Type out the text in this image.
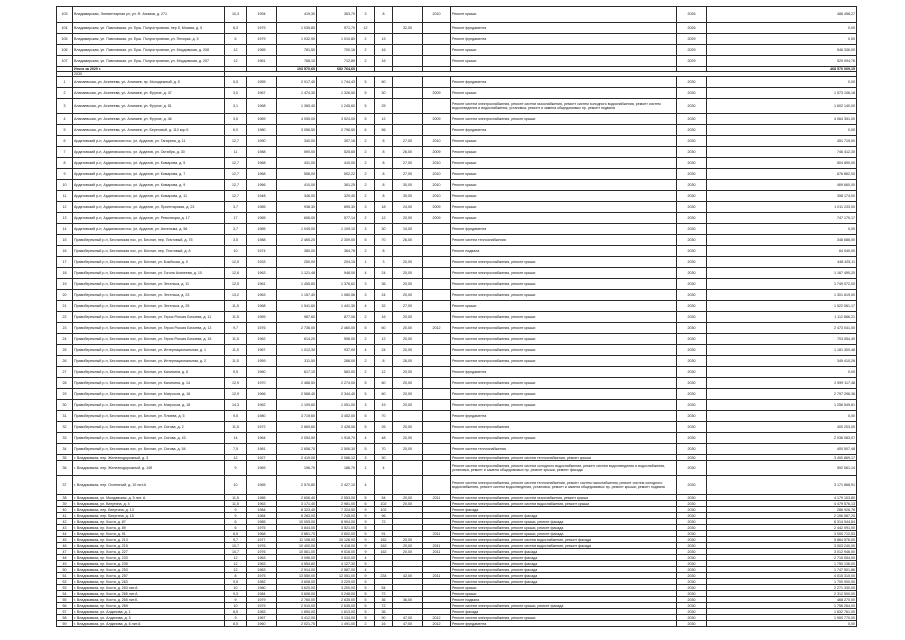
103	Владимирская, Элементарная ул, ул. Ф. Ахимов, д. 271	10,3	1994	419,30	363,70	3	8		2010	Ремонт крыши	2026	486 458,27
104	Владимирская, ул. Павловская, ул. Ерш. Полуостровная, пер 5, Москва, д. 5	6,3	1979	1 039,80	971,70	12		32,00		Ремонт фундамента	2026	0,00
105	Владимирская, ул. Павловская, ул. Ерш. Полуостровная, ул. Пехорка, д. 5	6	1979	1 032,90	1 010,80	2	13			Ремонт фундамента	2029	0,00
106	Владимирская, ул. Павловская, ул. Ерш. Полуостровная, ул. Мордовская, д. 208	12	1965	781,50	700,16	2	16			Ремонт крыши	2029	546 336,00
107	Владимирская, ул. Павловская, ул. Ерш. Полуостровная, ул. Мордовская, д. 207	12	1961	768,10	712,89	2	16			Ремонт крыши	2029	529 094,76
	Итого за 2020 г.			103 570,60	652 764,60							468 570 009,19
	2030											
1	Алапаевская, ул. Ахинеева, ул. Алапаев, пр. Молодежный, д. 5	5,5	1955	2 017,40	1 744,43	5	60			Ремонт фундамента	2030	0,00
2	Алапаевская, ул. Ахинеева, ул. Алапаев, ул. Фрунзе, д. 47	3,0	1967	1 474,30	1 326,50	5	30		2009	Ремонт крыши	2030	1 573 106,18
3	Алапаевская, ул. Ахинеева, ул. Алапаев, ул. Фрунзе, д. 51	3,1	1968	1 365,40	1 245,60	5	25			Ремонт систем электроснабжения, ремонт систем газоснабжения, ремонт систем холодного водоснабжения, ремонт систем водоотведения и водоснабжения, установка, ремонт и замена общедомовых пр. ремонт подвала	2030	1 602 140,00
4	Алапаевская, ул. Ахинеева, ул. Алапаев, ул. Фрунзе, д. 46	3,5	1969	4 055,00	3 524,00	5	12		2009	Ремонт систем электроснабжения, ремонт крыши	2030	4 064 351,00
5	Алапаевская, ул. Ахинеева, ул. Алапаев, ул. Береговой, д. 110 кор 6	6,0	1980	3 056,50	2 796,50	6	56			Ремонт фундамента	2030	0,00
6	Ардатовский р-н, Ардатовская пос, ул. Ардатов, ул. Гагарина, д. 11	12,7	1990	340,00	307,16	2	8	27,00	2010	Ремонт крыши	2030	451 719,00
7	Ардатовский р-н, Ардатовская пос, ул. Ардатов, ул. Октября, д. 30	11	1988	590,00	525,65	2	8	26,00	2009	Ремонт крыши	2030	746 412,30
8	Ардатовский р-н, Ардатовская пос, ул. Ардатов, ул. Комарова, д. 5	12,7	1968	431,00	410,00	2	8	27,00	2010	Ремонт крыши	2030	504 890,00
9	Ардатовский р-н, Ардатовская пос, ул. Ардатов, ул. Комарова, д. 7	12,7	1968	556,00	502,22	2	8	27,00	2010	Ремонт крыши	2030	676 862,00
10	Ардатовский р-н, Ардатовская пос, ул. Ардатов, ул. Комарова, д. 9	12,7	1966	410,00	361,25	2	8	30,00	2010	Ремонт крыши	2030	469 660,00
11	Ардатовский р-н, Ардатовская пос, ул. Ардатов, ул. Комарова, д. 11	12,7	1948	346,00	329,40	2	8	30,00	2010	Ремонт крыши	2030	398 174,00
12	Ардатовский р-н, Ардатовская пос, ул. Ардатов, ул. Пролетарская, д. 23	3,7	1985	938,30	895,30	3	18	24,00	2009	Ремонт крыши	2030	1 011 233,00
13	Ардатовский р-н, Ардатовская пос, ул. Ардатов, ул. Революции, д. 17	17	1965	606,00	577,14	2	12	20,00	2009	Ремонт крыши	2030	747 170,17
14	Ардатовский р-н, Ардатовская пос, ул. Ардатов, ул. Ансельма, д. 56	3,7	1985	1 049,00	1 109,10	3	30	10,00		Ремонт фундамента	2030	0,00
15	Правобережный р-н, Бесланская пос, ул. Беслан, пер. Почтовый, д. 75	3,5	1988	2 465,20	2 309,00	5	70	26,00		Ремонт систем теплоснабжения	2030	346 686,00
16	Правобережный р-н, Бесланская пос, ул. Беслан, пер. Почтовый, д. 8	10	1974	380,00	364,78	2	8			Ремонт подвала	2030	64 040,00
17	Правобережный р-н, Бесланская пос, ул. Беслан, ул. Бзыбская, д. 9	12,5	1933	250,00	204,15	1	3	20,00		Ремонт систем электроснабжения, ремонт крыши	2030	448 425,11
18	Правобережный р-н, Бесланская пос, ул. Беслан, ул. Гоголя Ахинеева, д. 10	12,6	1963	1 121,48	948,00	4	24	20,00		Ремонт систем электроснабжения, ремонт крыши	2030	1 167 490,20
19	Правобережный р-н, Бесланская пос, ул. Беслан, ул. Энгельса, д. 11	12,5	1961	1 455,80	1 376,62	3	36	20,00		Ремонт систем электроснабжения, ремонт крыши	2030	1 749 072,00
20	Правобережный р-н, Бесланская пос, ул. Беслан, ул. Энгельса, д. 23	13,2	1963	1 157,40	1 080,56	3	24	20,00		Ремонт систем электроснабжения, ремонт крыши	2030	1 301 619,00
21	Правобережный р-н, Бесланская пос, ул. Беслан, ул. Энгельса, д. 25	11,5	1968	1 541,60	1 441,30	4	32	27,00		Ремонт крыши	2030	1 522 061,17
22	Правобережный р-н, Бесланская пос, ул. Беслан, ул. Героя Россия Бичоева, д. 11	11,5	1959	987,60	877,06	2	16	20,00		Ремонт систем электроснабжения, ремонт крыши	2030	1 112 866,21
23	Правобережный р-н, Бесланская пос, ул. Беслан, ул. Героя Россия Бичоева, д. 13	9,7	1976	2 736,00	2 460,00	5	60	20,00	2012	Ремонт систем электроснабжения, ремонт крыши	2030	2 473 041,00
24	Правобережный р-н, Бесланская пос, ул. Беслан, ул. Героя Россия Бичоева, д. 15	11,5	1962	614,20	596,00	2	12	20,00		Ремонт систем электроснабжения, ремонт крыши	2030	703 054,40
25	Правобережный р-н, Бесланская пос, ул. Беслан, ул. Интернациональная, д. 1	11,5	1967	1 012,30	937,00	4	24	20,00		Ремонт систем электроснабжения, ремонт крыши	2030	1 181 300,48
26	Правобережный р-н, Бесланская пос, ул. Беслан, ул. Интернациональная, д. 2	11,5	1959	311,50	288,00	2	8	26,00		Ремонт систем электроснабжения, ремонт крыши	2030	349 410,26
27	Правобережный р-н, Бесланская пос, ул. Беслан, ул. Калинина, д. 8	9,5	1960	617,10	583,00	2	12	20,00		Ремонт фундамента	2030	0,00
28	Правобережный р-н, Бесланская пос, ул. Беслан, ул. Калинина, д. 14	12,9	1970	2 466,50	2 274,00	5	60	20,00		Ремонт систем электроснабжения, ремонт крыши	2030	2 599 117,48
29	Правобережный р-н, Бесланская пос, ул. Беслан, ул. Матросов, д. 16	12,9	1966	2 568,40	2 344,40	5	60	20,00		Ремонт систем электроснабжения, ремонт крыши	2030	2 797 296,36
30	Правобережный р-н, Бесланская пос, ул. Беслан, ул. Матросов, д. 18	14,3	1962	1 109,60	1 051,00	3	19	20,00		Ремонт систем электроснабжения, ремонт крыши	2030	1 256 549,61
31	Правобережный р-н, Бесланская пос, ул. Беслан, ул. Плиева, д. 5	9,5	1980	3 719,60	3 452,00	5	70			Ремонт фундамента	2030	0,00
32	Правобережный р-н, Бесланская пос, ул. Беслан, ул. Сигова, д. 2	11,5	1972	2 669,60	2 428,06	5	26	20,00		Ремонт систем электроснабжения	2030	400 203,00
33	Правобережный р-н, Бесланская пос, ул. Беслан, ул. Сигова, д. 43	14	1964	2 054,50	1 918,70	4	48	20,00		Ремонт систем электроснабжения, ремонт крыши	2030	2 036 083,07
34	Правобережный р-н, Бесланская пос, ул. Беслан, ул. Сигова, д. 54	7,5	1981	2 658,70	2 506,30	5	70	20,00		Ремонт систем теплоснабжения	2030	400 507,48
35	г. Владикавказ, пер. Железнодорожный, д. 3	12	1927	2 419,00	2 086,12	3	30			Ремонт систем электроснабжения, ремонт систем теплоснабжения, ремонт крыши	2030	3 400 869,17
36	г. Владикавказ, пер. Железнодорожный, д. 14б	9	1969	196,70	186,70	1	4			Ремонт систем электроснабжения, ремонт систем холодного водоснабжения, ремонт систем водоотведения и водоснабжения, установка, ремонт и замена общедомовых пр. ремонт крыши, ремонт фасада	2030	592 061,14
37	г. Владикавказ, пер. Охотничий, д. 10 лит.А	10	1965	2 570,80	2 427,10	4				Ремонт систем электроснабжения, ремонт систем теплоснабжения, ремонт систем газоснабжения, ремонт систем холодного водоснабжения, ремонт систем водоотведения, установка, ремонт и замена общедомовых пр. ремонт крыши, ремонт подвала	2030	3 171 868,91
38	г. Владикавказ, ул. Молдавская, д. 5 лит. А	11,5	1985	2 606,40	2 553,00	5	54	20,00	2011	Ремонт систем электроснабжения, ремонт систем газоснабжения, ремонт крыши	2030	4 179 103,80
39	г. Владикавказ, ул. Ватутина, д. 4	11,5	1963	3 171,40	2 981,00	6	102	20,00		Ремонт систем электроснабжения, ремонт систем водоснабжения, ремонт крыши	2030	4 479 576,13
40	г. Владикавказ, пер. Ватутина, д. 13	9	1984	8 323,40	7 324,50	9	102			Ремонт фасада	2030	286 926,76
41	г. Владикавказ, пер. Ватутина, д. 15	9	1984	8 283,00	7 245,00	9	96			Ремонт систем электроснабжения, ремонт фасада	2030	2 196 587,25
42	г. Владикавказ, пр. Коста, д. 87	6	1985	10 005,00	8 904,00	9	72			Ремонт систем электроснабжения, ремонт крыши, ремонт фасада	2030	6 314 944,84
43	г. Владикавказ, пр. Коста, д. 89	6	1975	3 844,00	3 521,00	5				Ремонт систем электроснабжения, ремонт крыши, ремонт фасада	2030	2 442 091,00
44	г. Владикавказ, пр. Коста, д. 91	8,5	1968	3 861,70	3 602,00	5	91		2011	Ремонт систем электроснабжения, ремонт крыши, ремонт фасада	2030	3 000 712,53
45	г. Владикавказ, пр. Коста, д. 213	9,7	1977	11 108,00	10 126,00	9	162	20,00		Ремонт систем электроснабжения, ремонт систем водоснабжения, ремонт фасада	2030	5 864 576,00
46	г. Владикавказ, пр. Коста, д. 215	10,7	1976	10 400,00	9 418,00	9	162	20,00	2011	Ремонт систем электроснабжения, ремонт систем водоснабжения, ремонт фасада	2030	3 003 240,00
47	г. Владикавказ, пр. Коста, д. 227	10,7	1976	10 561,00	9 516,00	9	162	20,00	2011	Ремонт систем электроснабжения, ремонт фасада	2030	3 012 946,00
48	г. Владикавказ, пр. Коста, д. 233	12	1963	3 096,00	2 810,00	4				Ремонт систем электроснабжения, ремонт фасада	2030	2 715 054,00
49	г. Владикавказ, пр. Коста, д. 235	12	1963	4 554,80	4 127,30	5				Ремонт систем электроснабжения, ремонт фасада	2030	1 750 136,00
50	г. Владикавказ, пр. Коста, д. 253	12	1963	2 914,00	2 587,00	4				Ремонт систем электроснабжения, ремонт фасада	2030	1 747 501,86
51	г. Владикавказ, пр. Коста, д. 257	8	1975	13 550,00	12 051,00	9	234	42,00	2011	Ремонт систем электроснабжения, ремонт фасада	2030	4 015 310,00
52	г. Владикавказ, пр. Коста, д. 263	9,5	1982	3 608,00	3 229,00	5				Ремонт систем электроснабжения, ремонт фасада	2030	1 700 000,00
53	г. Владикавказ, пр. Коста, д. 263 лит.А	10	1980	3 620,00	3 200,00	5	54			Ремонт крыши	2030	2 271 330,00
54	г. Владикавказ, пр. Коста, д. 265 лит.А	9,3	1984	3 608,00	3 248,00	5	72			Ремонт крыши	2030	2 312 500,00
55	г. Владикавказ, пр. Коста, д. 265 лит.Б	9	1979	2 760,00	2 635,00	5	36	36,00		Ремонт подвала	2030	468 270,00
56	г. Владикавказ, пр. Коста, д. 269	10	1979	2 910,00	2 635,00	5	72			Ремонт систем электроснабжения, ремонт крыши, ремонт фасада	2030	1 756 264,00
57	г. Владикавказ, ул. Алданова, д. 1	8,5	1983	1 890,00	1 613,00	5	36			Ремонт фасада	2030	1 832 761,00
58	г. Владикавказ, ул. Алданова, д. 3	9	1967	3 412,00	3 134,00	5	90	47,00	2012	Ремонт систем электроснабжения, ремонт крыши	2030	1 900 770,00
59	г. Владикавказ, ул. Алданова, д. 6 лит.А	8,5	1960	2 021,70	1 491,00	2	16	47,00	2012	Ремонт фундамента	2030	0,00
